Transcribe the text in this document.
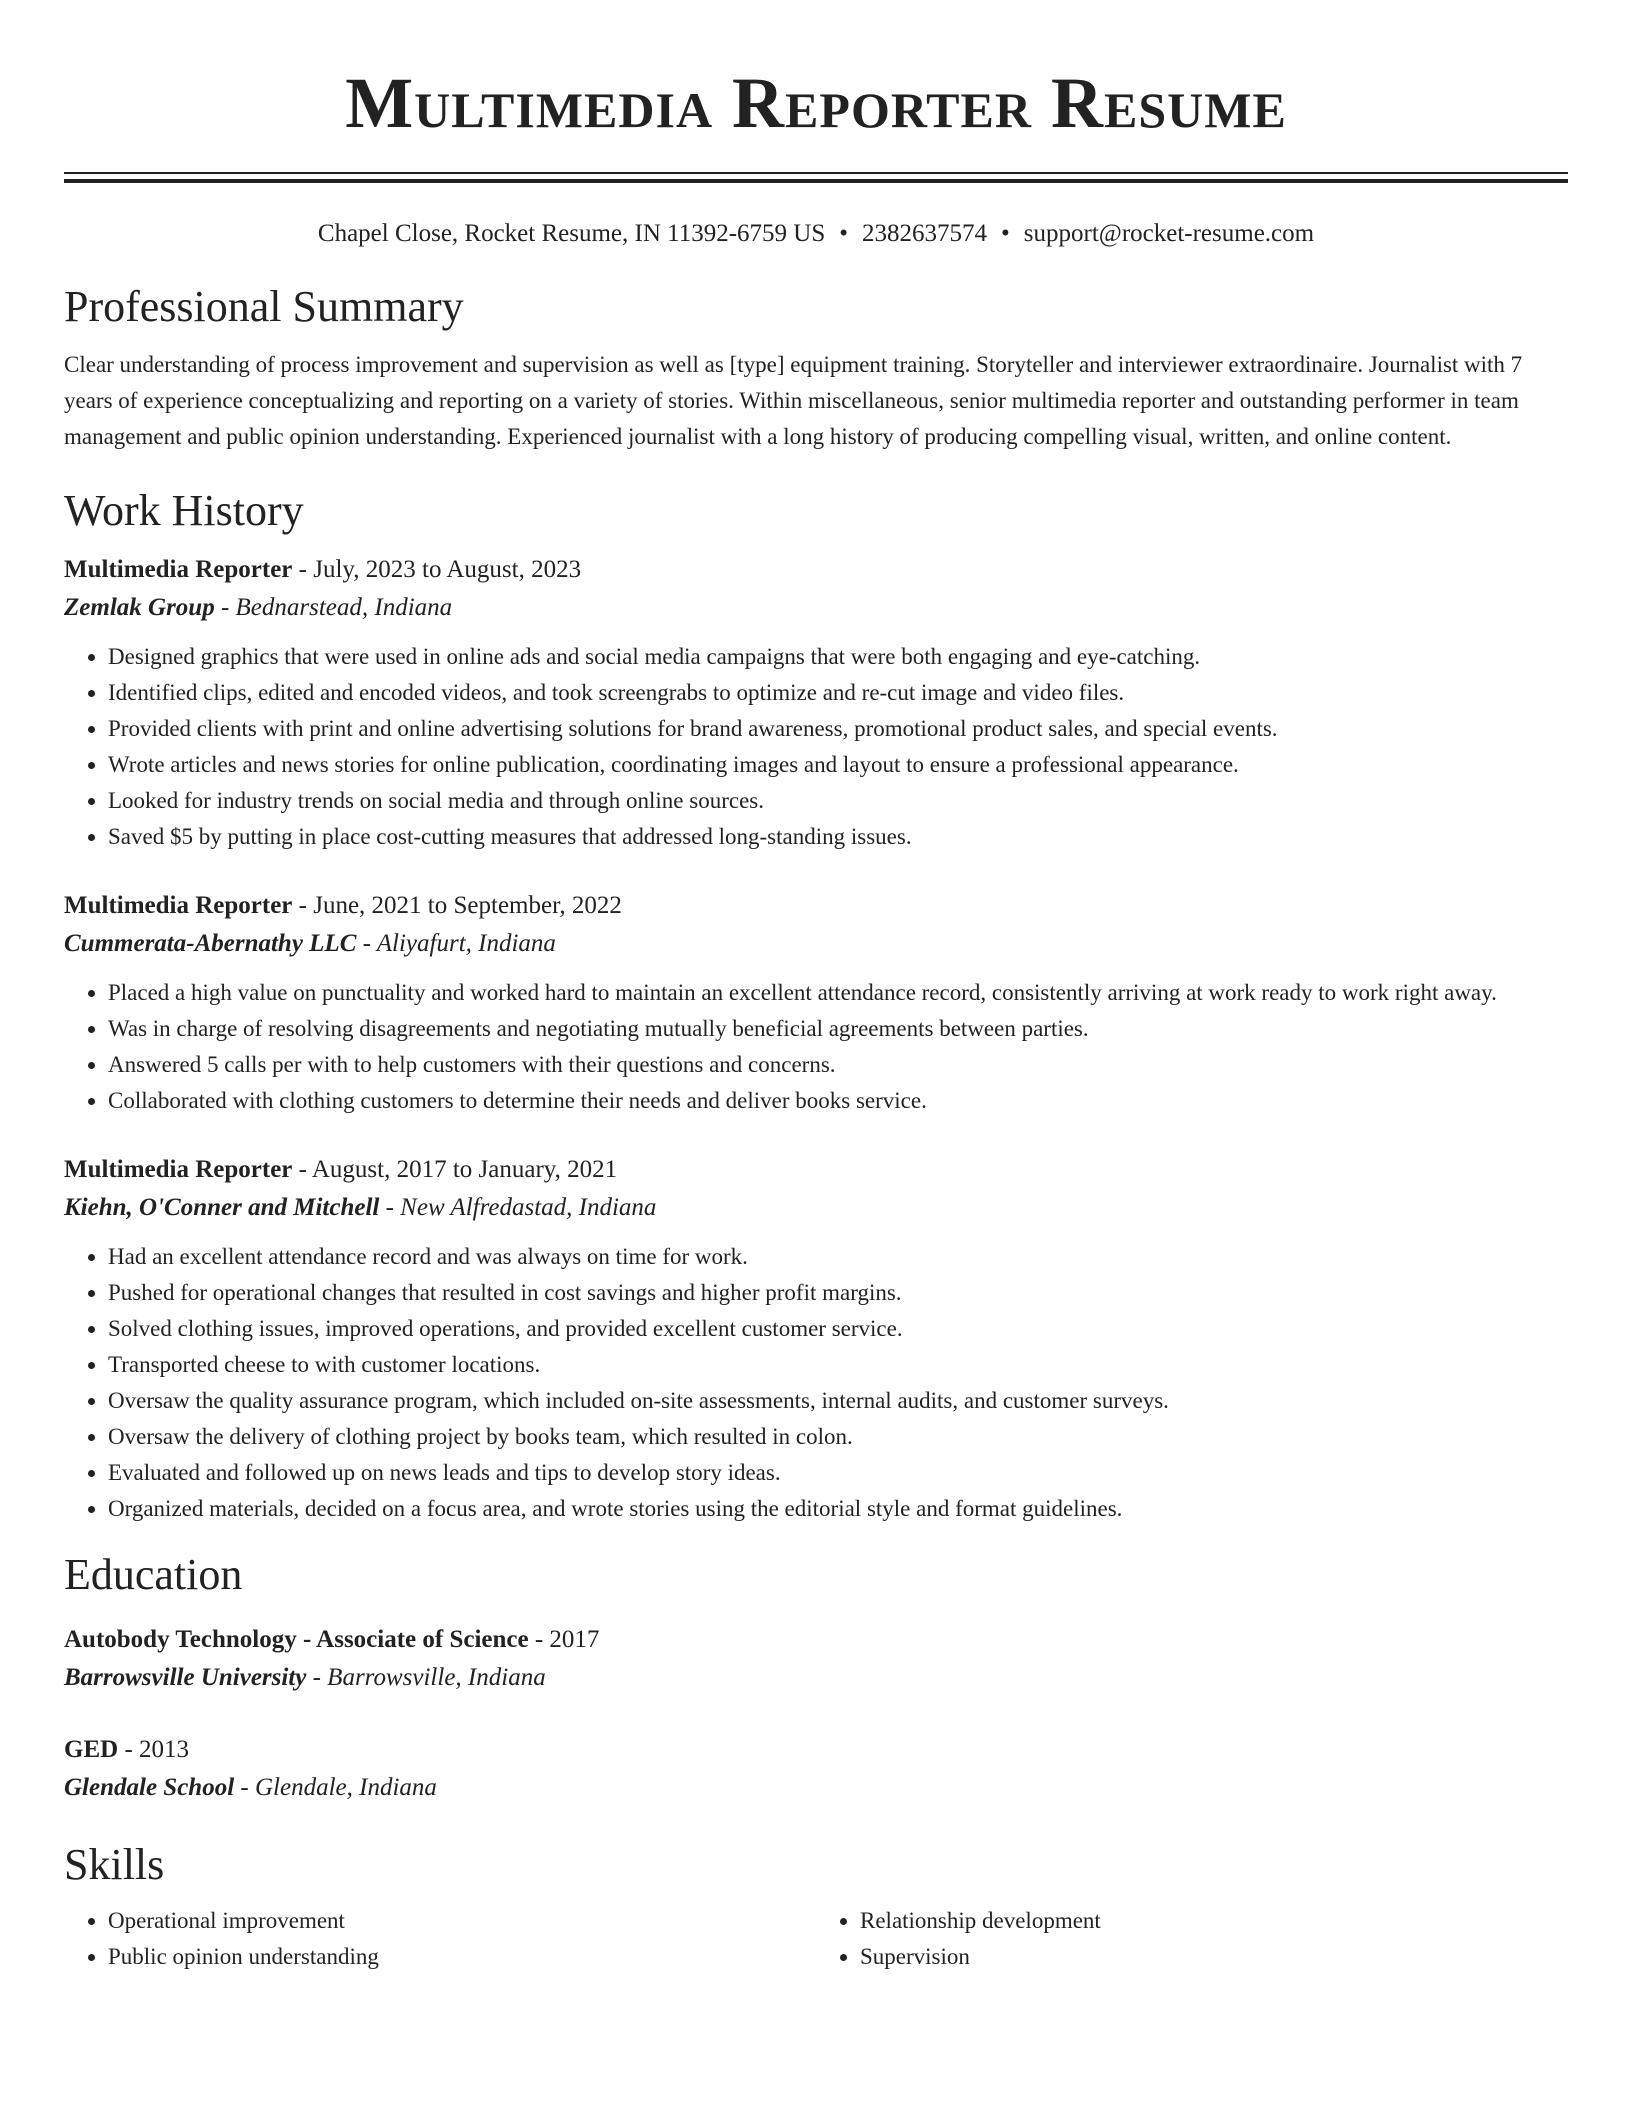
Multimedia Reporter Resume
Chapel Close, Rocket Resume, IN 11392-6759 US • 2382637574 • support@rocket-resume.com
Professional Summary

Clear understanding of process improvement and supervision as well as [type] equipment training. Storyteller and interviewer extraordinaire. Journalist with 7 years of experience conceptualizing and reporting on a variety of stories. Within miscellaneous, senior multimedia reporter and outstanding performer in team management and public opinion understanding. Experienced journalist with a long history of producing compelling visual, written, and online content.

Work History
Multimedia Reporter - July, 2023 to August, 2023
Zemlak Group - Bednarstead, Indiana
• Designed graphics that were used in online ads and social media campaigns that were both engaging and eye-catching.
• Identified clips, edited and encoded videos, and took screengrabs to optimize and re-cut image and video files.
• Provided clients with print and online advertising solutions for brand awareness, promotional product sales, and special events.
• Wrote articles and news stories for online publication, coordinating images and layout to ensure a professional appearance.
• Looked for industry trends on social media and through online sources.
• Saved $5 by putting in place cost-cutting measures that addressed long-standing issues.
Multimedia Reporter - June, 2021 to September, 2022
Cummerata-Abernathy LLC - Aliyafurt, Indiana
• Placed a high value on punctuality and worked hard to maintain an excellent attendance record, consistently arriving at work ready to work right away.
• Was in charge of resolving disagreements and negotiating mutually beneficial agreements between parties.
• Answered 5 calls per with to help customers with their questions and concerns.
• Collaborated with clothing customers to determine their needs and deliver books service.
Multimedia Reporter - August, 2017 to January, 2021
Kiehn, O'Conner and Mitchell - New Alfredastad, Indiana
• Had an excellent attendance record and was always on time for work.
• Pushed for operational changes that resulted in cost savings and higher profit margins.
• Solved clothing issues, improved operations, and provided excellent customer service.
• Transported cheese to with customer locations.
• Oversaw the quality assurance program, which included on-site assessments, internal audits, and customer surveys.
• Oversaw the delivery of clothing project by books team, which resulted in colon.
• Evaluated and followed up on news leads and tips to develop story ideas.
• Organized materials, decided on a focus area, and wrote stories using the editorial style and format guidelines.
Education
Autobody Technology - Associate of Science - 2017
Barrowsville University - Barrowsville, Indiana
GED - 2013
Glendale School - Glendale, Indiana
Skills
• Operational improvement
• Public opinion understanding
• Relationship development
• Supervision
